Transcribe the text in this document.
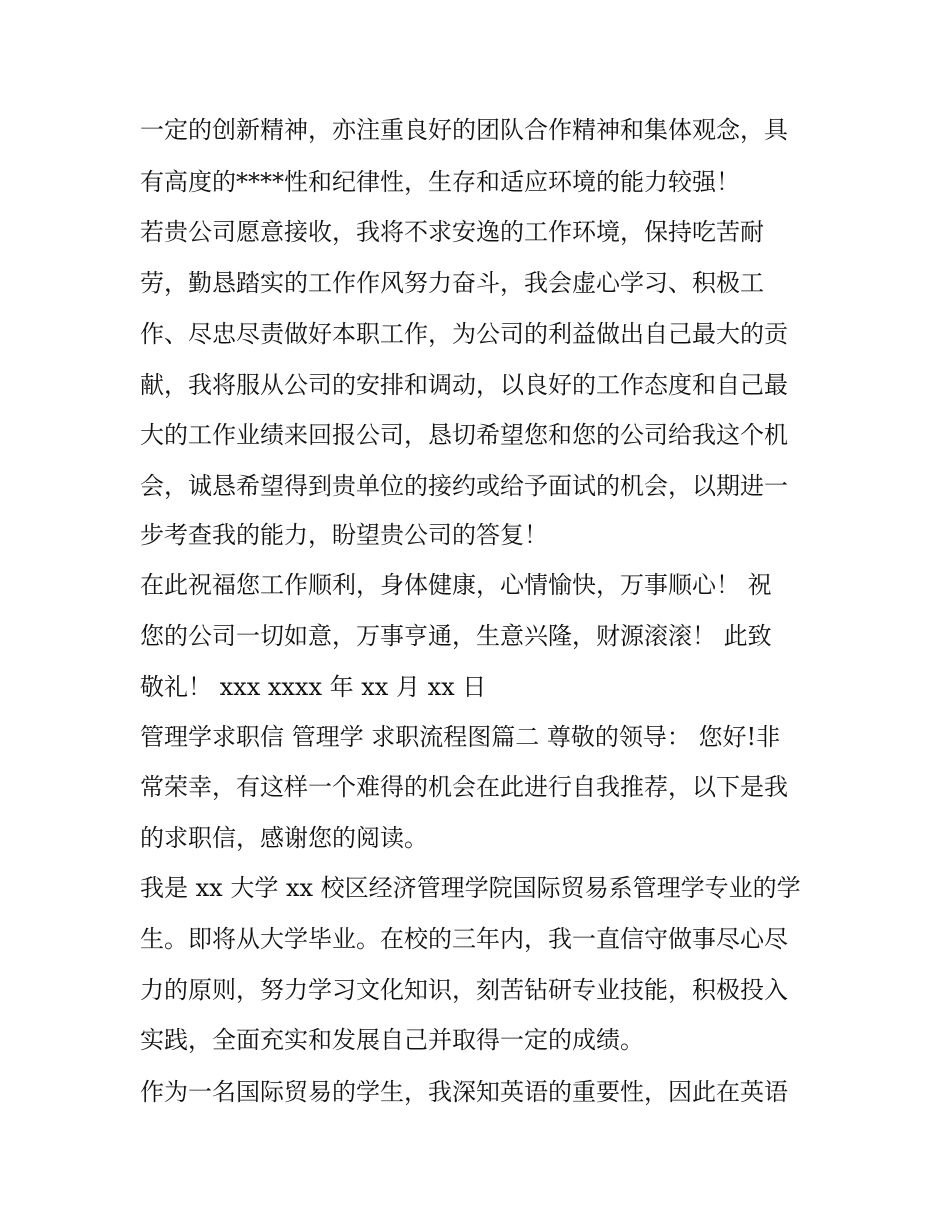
一定的创新精神，亦注重良好的团队合作精神和集体观念，具
有高度的****性和纪律性，生存和适应环境的能力较强！
若贵公司愿意接收，我将不求安逸的工作环境，保持吃苦耐
劳，勤恳踏实的工作作风努力奋斗，我会虚心学习、积极工
作、尽忠尽责做好本职工作，为公司的利益做出自己最大的贡
献，我将服从公司的安排和调动，以良好的工作态度和自己最
大的工作业绩来回报公司，恳切希望您和您的公司给我这个机
会，诚恳希望得到贵单位的接约或给予面试的机会，以期进一
步考查我的能力，盼望贵公司的答复！
在此祝福您工作顺利，身体健康，心情愉快，万事顺心！ 祝
您的公司一切如意，万事亨通，生意兴隆，财源滚滚！ 此致
敬礼！ xxx xxxx 年 xx 月 xx 日
管理学求职信 管理学 求职流程图篇二 尊敬的领导： 您好!非
常荣幸，有这样一个难得的机会在此进行自我推荐，以下是我
的求职信，感谢您的阅读。
我是 xx 大学 xx 校区经济管理学院国际贸易系管理学专业的学
生。即将从大学毕业。在校的三年内，我一直信守做事尽心尽
力的原则，努力学习文化知识，刻苦钻研专业技能，积极投入
实践，全面充实和发展自己并取得一定的成绩。
作为一名国际贸易的学生，我深知英语的重要性，因此在英语
